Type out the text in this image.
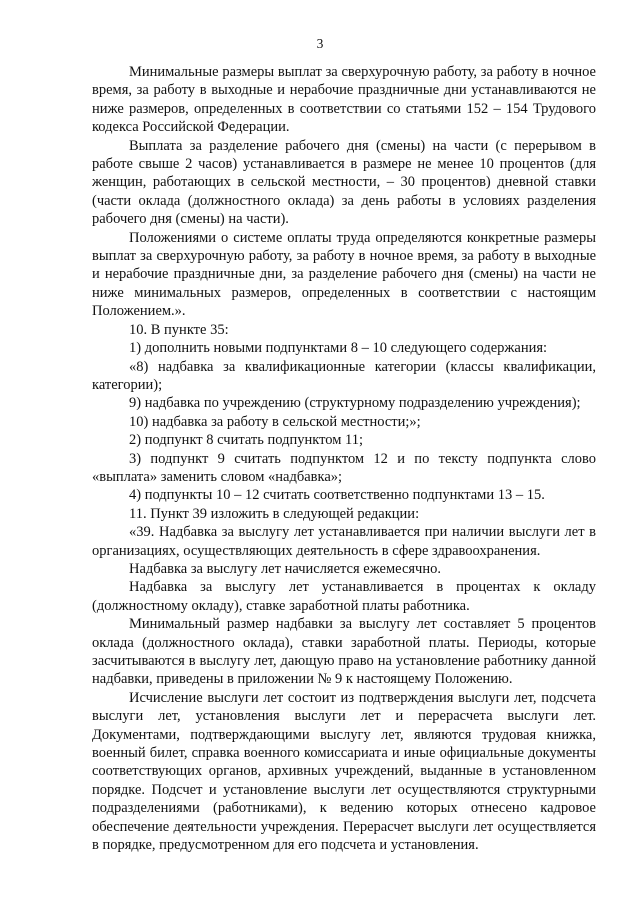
3

Минимальные размеры выплат за сверхурочную работу, за работу в ночное время, за работу в выходные и нерабочие праздничные дни устанавливаются не ниже размеров, определенных в соответствии со статьями 152 – 154 Трудового кодекса Российской Федерации.

Выплата за разделение рабочего дня (смены) на части (с перерывом в работе свыше 2 часов) устанавливается в размере не менее 10 процентов (для женщин, работающих в сельской местности, – 30 процентов) дневной ставки (части оклада (должностного оклада) за день работы в условиях разделения рабочего дня (смены) на части).

Положениями о системе оплаты труда определяются конкретные размеры выплат за сверхурочную работу, за работу в ночное время, за работу в выходные и нерабочие праздничные дни, за разделение рабочего дня (смены) на части не ниже минимальных размеров, определенных в соответствии с настоящим Положением.».

10. В пункте 35:

1) дополнить новыми подпунктами 8 – 10 следующего содержания:

«8) надбавка за квалификационные категории (классы квалификации, категории);

9) надбавка по учреждению (структурному подразделению учреждения);

10) надбавка за работу в сельской местности;»;

2) подпункт 8 считать подпунктом 11;

3) подпункт 9 считать подпунктом 12 и по тексту подпункта слово «выплата» заменить словом «надбавка»;

4) подпункты 10 – 12 считать соответственно подпунктами 13 – 15.

11. Пункт 39 изложить в следующей редакции:

«39. Надбавка за выслугу лет устанавливается при наличии выслуги лет в организациях, осуществляющих деятельность в сфере здравоохранения.

Надбавка за выслугу лет начисляется ежемесячно.

Надбавка за выслугу лет устанавливается в процентах к окладу (должностному окладу), ставке заработной платы работника.

Минимальный размер надбавки за выслугу лет составляет 5 процентов оклада (должностного оклада), ставки заработной платы. Периоды, которые засчитываются в выслугу лет, дающую право на установление работнику данной надбавки, приведены в приложении № 9 к настоящему Положению.

Исчисление выслуги лет состоит из подтверждения выслуги лет, подсчета выслуги лет, установления выслуги лет и перерасчета выслуги лет. Документами, подтверждающими выслугу лет, являются трудовая книжка, военный билет, справка военного комиссариата и иные официальные документы соответствующих органов, архивных учреждений, выданные в установленном порядке. Подсчет и установление выслуги лет осуществляются структурными подразделениями (работниками), к ведению которых отнесено кадровое обеспечение деятельности учреждения. Перерасчет выслуги лет осуществляется в порядке, предусмотренном для его подсчета и установления.
